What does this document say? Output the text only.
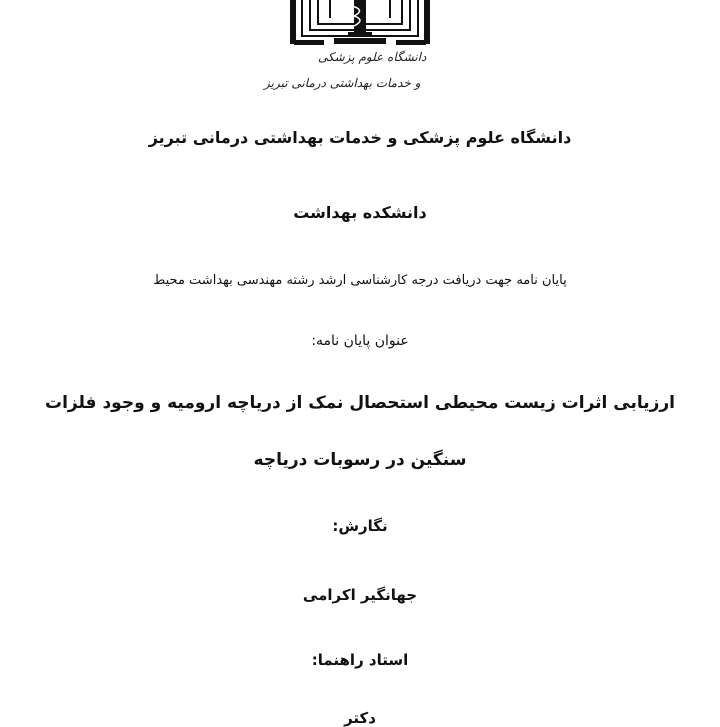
دانشگاه علوم پزشکی
و خدمات بهداشتی درمانی تبریز
دانشگاه علوم پزشکی و خدمات بهداشتی درمانی تبریز
دانشکده بهداشت
پایان نامه جهت دریافت درجه کارشناسی ارشد رشته مهندسی بهداشت محیط
عنوان پایان نامه:
ارزیابی اثرات زیست محیطی استحصال نمک از دریاچه ارومیه و وجود فلزات
سنگین در رسوبات دریاچه
نگارش:
جهانگیر اکرامی
استاد راهنما:
دکتر
